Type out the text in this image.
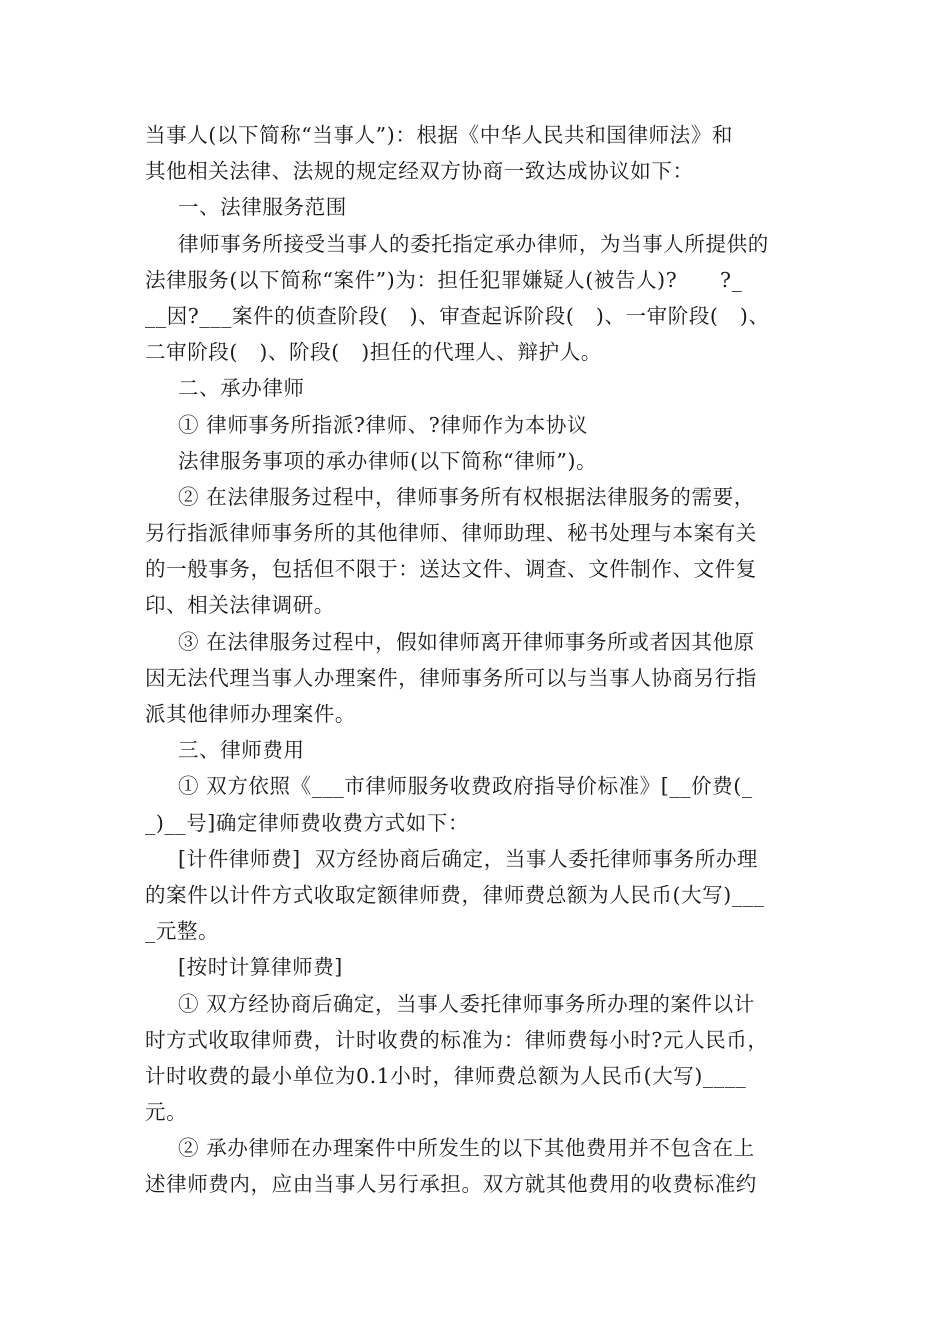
当事人(以下简称“当事人”)：根据《中华人民共和国律师法》和
其他相关法律、法规的规定经双方协商一致达成协议如下：
一、法律服务范围
律师事务所接受当事人的委托指定承办律师，为当事人所提供的
法律服务(以下简称“案件”)为：担任犯罪嫌疑人(被告人)?      ?_
__因?___案件的侦查阶段(   )、审查起诉阶段(   )、一审阶段(   )、
二审阶段(   )、阶段(   )担任的代理人、辩护人。
二、承办律师
① 律师事务所指派?律师、?律师作为本协议
法律服务事项的承办律师(以下简称“律师”)。
② 在法律服务过程中，律师事务所有权根据法律服务的需要，
另行指派律师事务所的其他律师、律师助理、秘书处理与本案有关
的一般事务，包括但不限于：送达文件、调查、文件制作、文件复
印、相关法律调研。
③ 在法律服务过程中，假如律师离开律师事务所或者因其他原
因无法代理当事人办理案件，律师事务所可以与当事人协商另行指
派其他律师办理案件。
三、律师费用
① 双方依照《___市律师服务收费政府指导价标准》[__价费(_
_)__号]确定律师费收费方式如下：
[计件律师费]  双方经协商后确定，当事人委托律师事务所办理
的案件以计件方式收取定额律师费，律师费总额为人民币(大写)___
_元整。
[按时计算律师费]
① 双方经协商后确定，当事人委托律师事务所办理的案件以计
时方式收取律师费，计时收费的标准为：律师费每小时?元人民币，
计时收费的最小单位为0.1小时，律师费总额为人民币(大写)____
元。
② 承办律师在办理案件中所发生的以下其他费用并不包含在上
述律师费内，应由当事人另行承担。双方就其他费用的收费标准约
